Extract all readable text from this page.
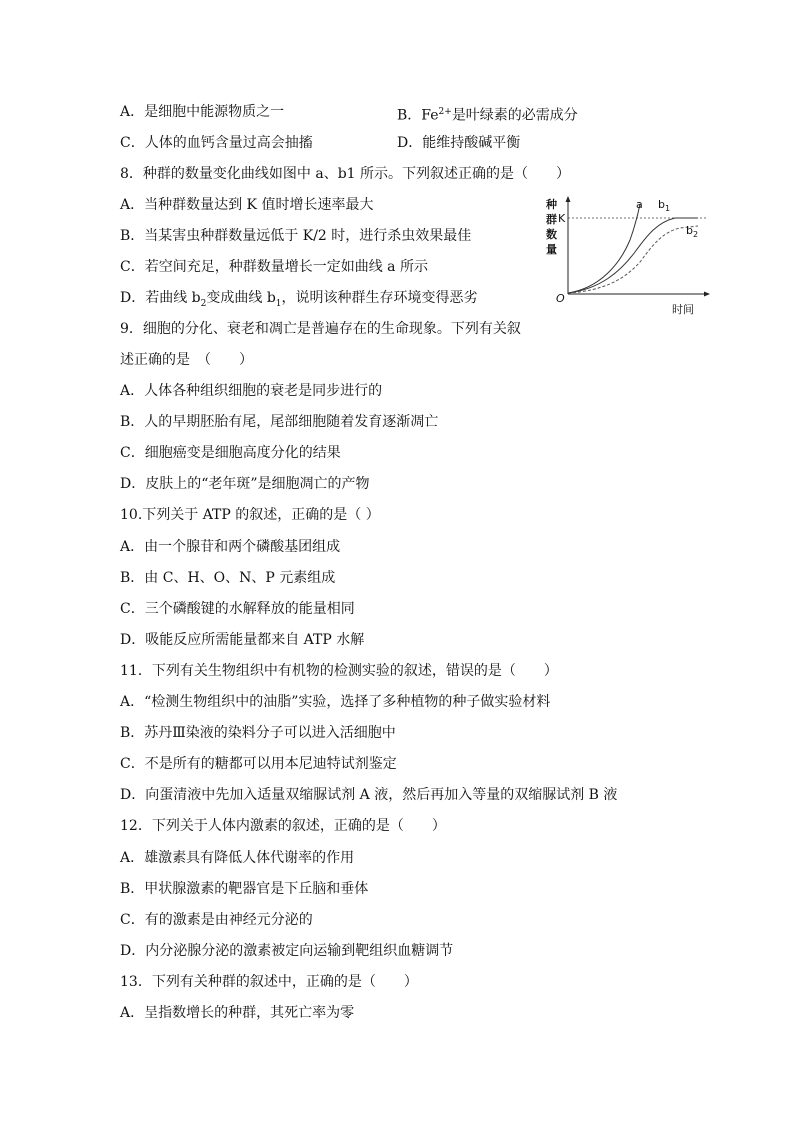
A．是细胞中能源物质之一	B．$Fe^{2+}$是叶绿素的必需成分
C．人体的血钙含量过高会抽搐	D．能维持酸碱平衡
8．种群的数量变化曲线如图中 a、b1 所示。下列叙述正确的是（　　）
A．当种群数量达到 K 值时增长速率最大
B．当某害虫种群数量远低于 K/2 时，进行杀虫效果最佳
C．若空间充足，种群数量增长一定如曲线 a 所示
D．若曲线 $b_2$变成曲线 $b_1$，说明该种群生存环境变得恶劣
种
群
数
量
K
O
时间
a $b_1$
$b_2$
9．细胞的分化、衰老和凋亡是普遍存在的生命现象。下列有关叙
述正确的是　（　　）
A．人体各种组织细胞的衰老是同步进行的
B．人的早期胚胎有尾，尾部细胞随着发育逐渐凋亡
C．细胞癌变是细胞高度分化的结果
D．皮肤上的“老年斑”是细胞凋亡的产物
10.下列关于 ATP 的叙述，正确的是（ ）
A．由一个腺苷和两个磷酸基团组成
B．由 C、H、O、N、P 元素组成
C．三个磷酸键的水解释放的能量相同
D．吸能反应所需能量都来自 ATP 水解
11．下列有关生物组织中有机物的检测实验的叙述，错误的是（　　）
A．“检测生物组织中的油脂”实验，选择了多种植物的种子做实验材料
B．苏丹Ⅲ染液的染料分子可以进入活细胞中
C．不是所有的糖都可以用本尼迪特试剂鉴定
D．向蛋清液中先加入适量双缩脲试剂 A 液，然后再加入等量的双缩脲试剂 B 液
12．下列关于人体内激素的叙述，正确的是（　　）
A．雄激素具有降低人体代谢率的作用
B．甲状腺激素的靶器官是下丘脑和垂体
C．有的激素是由神经元分泌的
D．内分泌腺分泌的激素被定向运输到靶组织血糖调节
13．下列有关种群的叙述中，正确的是（　　）
A．呈指数增长的种群，其死亡率为零
